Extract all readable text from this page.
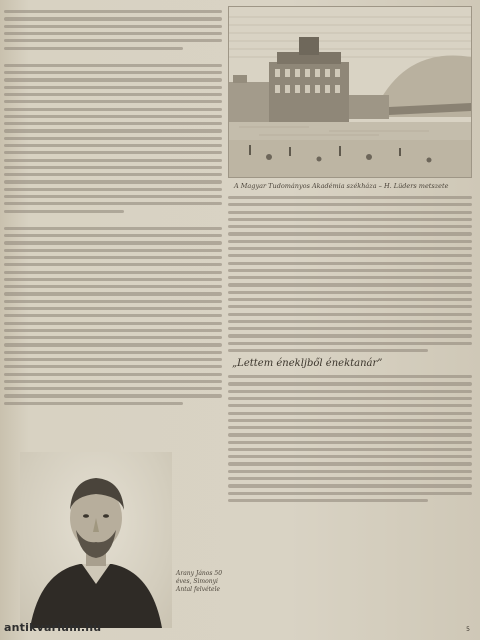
A Magyar Tudományos Akadémia székháza – H. Lüders metszete
„Lettem énekljből énektanár”
Arany János 50 éves, Simonyi Antal felvétele
antikvarium.hu	5
